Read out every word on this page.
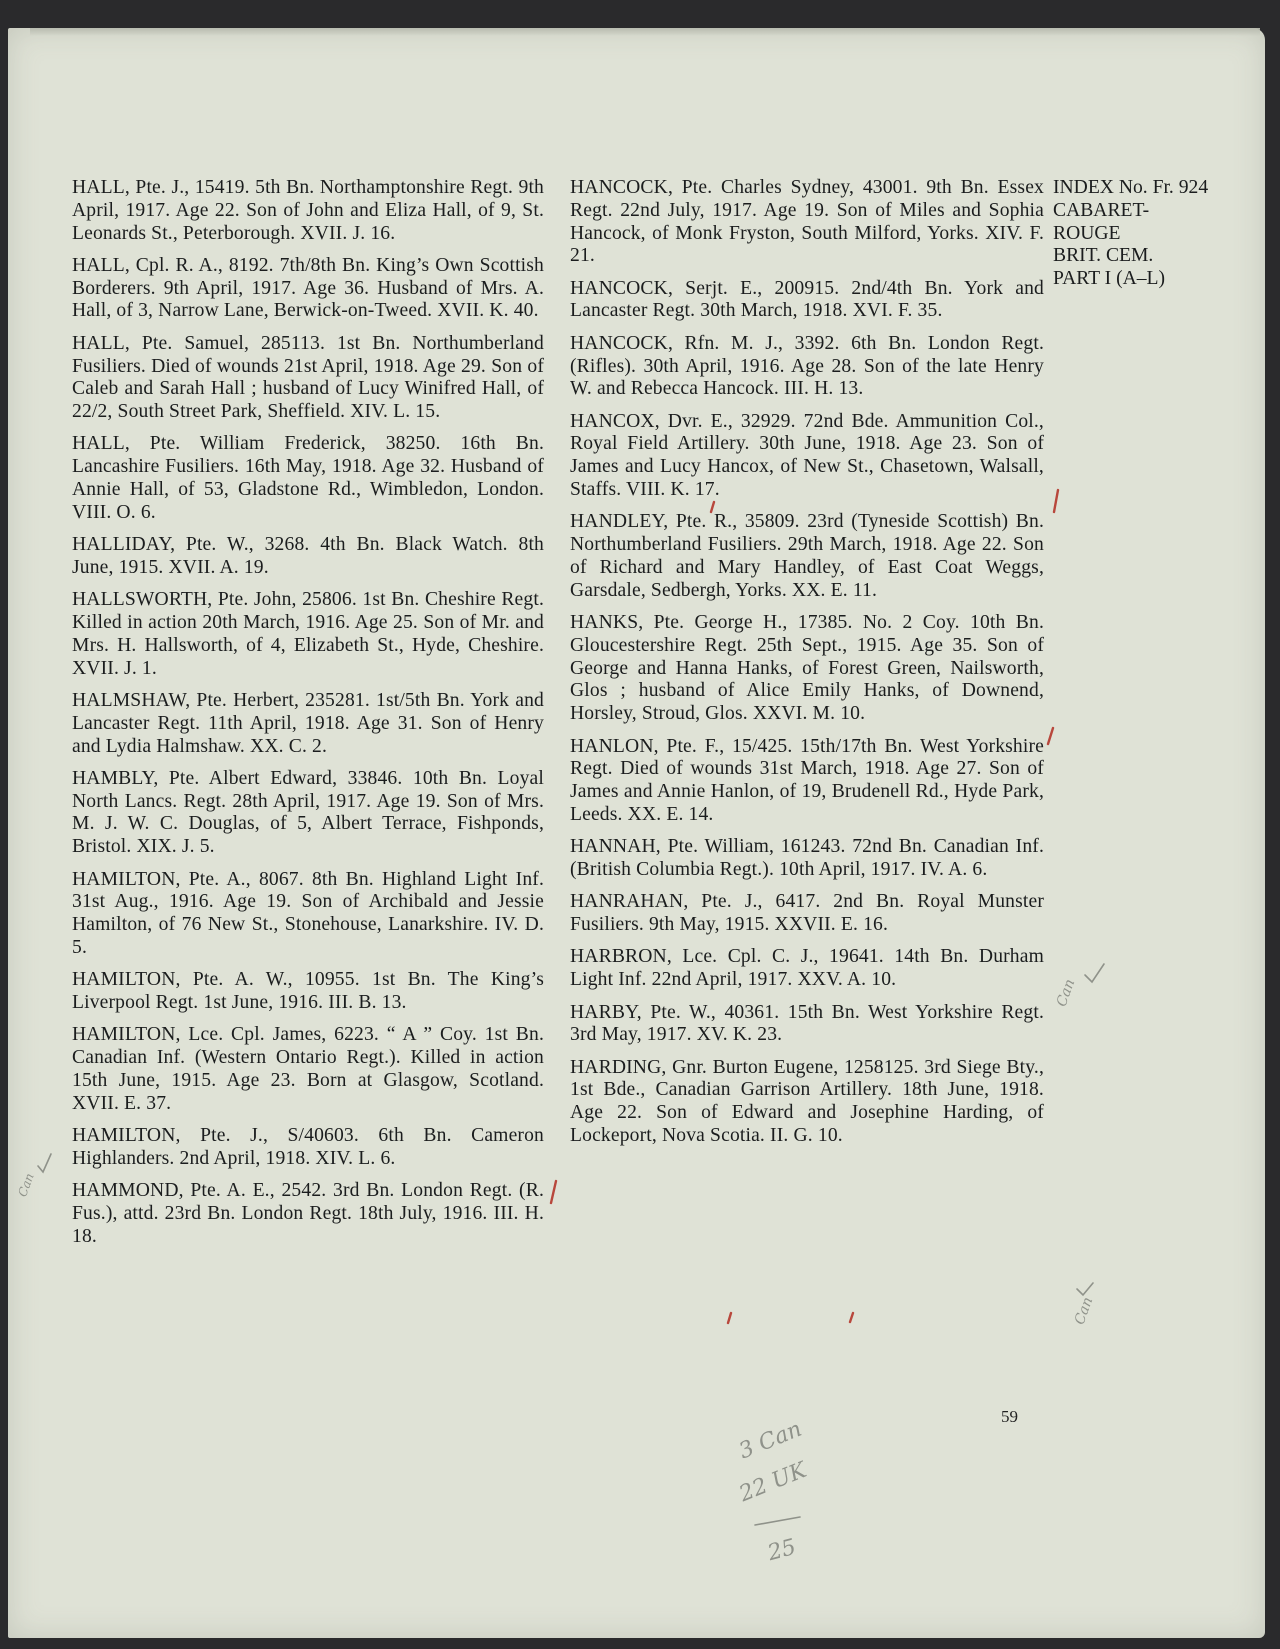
HALL, Pte. J., 15419. 5th Bn. Northamptonshire Regt. 9th April, 1917. Age 22. Son of John and Eliza Hall, of 9, St. Leonards St., Peterborough. XVII. J. 16.

HALL, Cpl. R. A., 8192. 7th/8th Bn. King’s Own Scottish Borderers. 9th April, 1917. Age 36. Husband of Mrs. A. Hall, of 3, Narrow Lane, Berwick-on-Tweed. XVII. K. 40.

HALL, Pte. Samuel, 285113. 1st Bn. Northumberland Fusiliers. Died of wounds 21st April, 1918. Age 29. Son of Caleb and Sarah Hall ; husband of Lucy Winifred Hall, of 22/2, South Street Park, Sheffield. XIV. L. 15.

HALL, Pte. William Frederick, 38250. 16th Bn. Lancashire Fusiliers. 16th May, 1918. Age 32. Husband of Annie Hall, of 53, Gladstone Rd., Wimbledon, London. VIII. O. 6.

HALLIDAY, Pte. W., 3268. 4th Bn. Black Watch. 8th June, 1915. XVII. A. 19.

HALLSWORTH, Pte. John, 25806. 1st Bn. Cheshire Regt. Killed in action 20th March, 1916. Age 25. Son of Mr. and Mrs. H. Hallsworth, of 4, Elizabeth St., Hyde, Cheshire. XVII. J. 1.

HALMSHAW, Pte. Herbert, 235281. 1st/5th Bn. York and Lancaster Regt. 11th April, 1918. Age 31. Son of Henry and Lydia Halmshaw. XX. C. 2.

HAMBLY, Pte. Albert Edward, 33846. 10th Bn. Loyal North Lancs. Regt. 28th April, 1917. Age 19. Son of Mrs. M. J. W. C. Douglas, of 5, Albert Terrace, Fishponds, Bristol. XIX. J. 5.

HAMILTON, Pte. A., 8067. 8th Bn. Highland Light Inf. 31st Aug., 1916. Age 19. Son of Archibald and Jessie Hamilton, of 76 New St., Stonehouse, Lanarkshire. IV. D. 5.

HAMILTON, Pte. A. W., 10955. 1st Bn. The King’s Liverpool Regt. 1st June, 1916. III. B. 13.

HAMILTON, Lce. Cpl. James, 6223. “ A ” Coy. 1st Bn. Canadian Inf. (Western Ontario Regt.). Killed in action 15th June, 1915. Age 23. Born at Glasgow, Scotland. XVII. E. 37.

HAMILTON, Pte. J., S/40603. 6th Bn. Cameron Highlanders. 2nd April, 1918. XIV. L. 6.

HAMMOND, Pte. A. E., 2542. 3rd Bn. London Regt. (R. Fus.), attd. 23rd Bn. London Regt. 18th July, 1916. III. H. 18.

HANCOCK, Pte. Charles Sydney, 43001. 9th Bn. Essex Regt. 22nd July, 1917. Age 19. Son of Miles and Sophia Hancock, of Monk Fryston, South Milford, Yorks. XIV. F. 21.

HANCOCK, Serjt. E., 200915. 2nd/4th Bn. York and Lancaster Regt. 30th March, 1918. XVI. F. 35.

HANCOCK, Rfn. M. J., 3392. 6th Bn. London Regt. (Rifles). 30th April, 1916. Age 28. Son of the late Henry W. and Rebecca Hancock. III. H. 13.

HANCOX, Dvr. E., 32929. 72nd Bde. Ammunition Col., Royal Field Artillery. 30th June, 1918. Age 23. Son of James and Lucy Hancox, of New St., Chasetown, Walsall, Staffs. VIII. K. 17.

HANDLEY, Pte. R., 35809. 23rd (Tyneside Scottish) Bn. Northumberland Fusiliers. 29th March, 1918. Age 22. Son of Richard and Mary Handley, of East Coat Weggs, Garsdale, Sedbergh, Yorks. XX. E. 11.

HANKS, Pte. George H., 17385. No. 2 Coy. 10th Bn. Gloucestershire Regt. 25th Sept., 1915. Age 35. Son of George and Hanna Hanks, of Forest Green, Nailsworth, Glos ; husband of Alice Emily Hanks, of Downend, Horsley, Stroud, Glos. XXVI. M. 10.

HANLON, Pte. F., 15/425. 15th/17th Bn. West Yorkshire Regt. Died of wounds 31st March, 1918. Age 27. Son of James and Annie Hanlon, of 19, Brudenell Rd., Hyde Park, Leeds. XX. E. 14.

HANNAH, Pte. William, 161243. 72nd Bn. Canadian Inf. (British Columbia Regt.). 10th April, 1917. IV. A. 6.

HANRAHAN, Pte. J., 6417. 2nd Bn. Royal Munster Fusiliers. 9th May, 1915. XXVII. E. 16.

HARBRON, Lce. Cpl. C. J., 19641. 14th Bn. Durham Light Inf. 22nd April, 1917. XXV. A. 10.

HARBY, Pte. W., 40361. 15th Bn. West Yorkshire Regt. 3rd May, 1917. XV. K. 23.

HARDING, Gnr. Burton Eugene, 1258125. 3rd Siege Bty., 1st Bde., Canadian Garrison Artillery. 18th June, 1918. Age 22. Son of Edward and Josephine Harding, of Lockeport, Nova Scotia. II. G. 10.

INDEX No. Fr. 924
CABARET-
ROUGE
BRIT. CEM.
PART I (A–L)
59
Can
Can
Can
3 Can
22 UK
25
